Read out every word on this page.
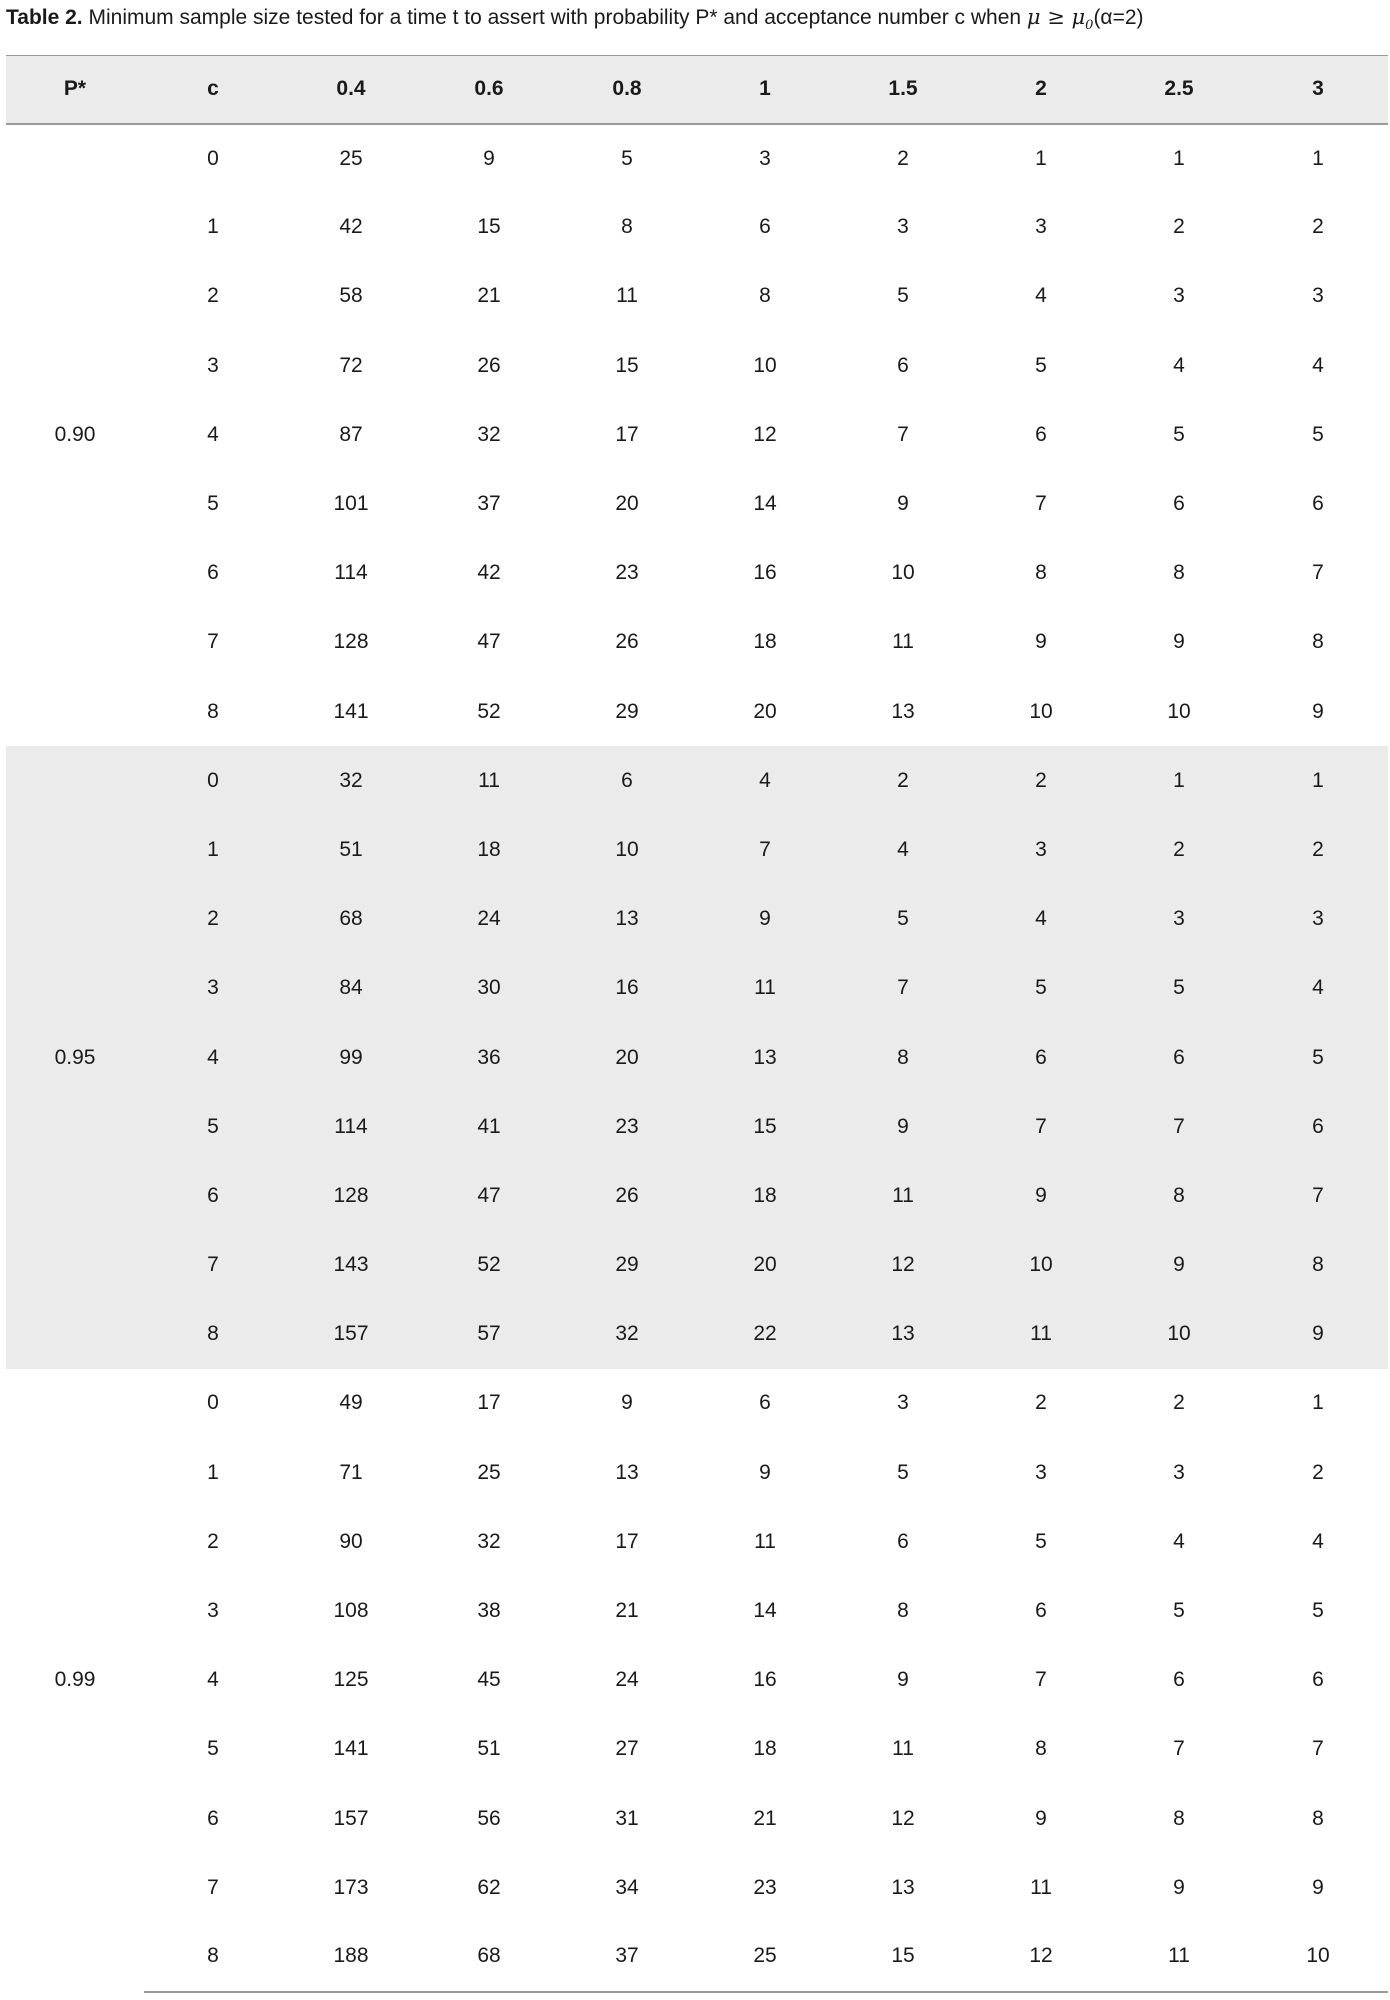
Table 2. Minimum sample size tested for a time t to assert with probability P* and acceptance number c when $\mu \ge \mu_0(\alpha=2)$
P*	c	0.4	0.6	0.8	1	1.5	2	2.5	3
0.90	0	25	9	5	3	2	1	1	1
	1	42	15	8	6	3	3	2	2
	2	58	21	11	8	5	4	3	3
	3	72	26	15	10	6	5	4	4
	4	87	32	17	12	7	6	5	5
	5	101	37	20	14	9	7	6	6
	6	114	42	23	16	10	8	8	7
	7	128	47	26	18	11	9	9	8
	8	141	52	29	20	13	10	10	9
0.95	0	32	11	6	4	2	2	1	1
	1	51	18	10	7	4	3	2	2
	2	68	24	13	9	5	4	3	3
	3	84	30	16	11	7	5	5	4
	4	99	36	20	13	8	6	6	5
	5	114	41	23	15	9	7	7	6
	6	128	47	26	18	11	9	8	7
	7	143	52	29	20	12	10	9	8
	8	157	57	32	22	13	11	10	9
0.99	0	49	17	9	6	3	2	2	1
	1	71	25	13	9	5	3	3	2
	2	90	32	17	11	6	5	4	4
	3	108	38	21	14	8	6	5	5
	4	125	45	24	16	9	7	6	6
	5	141	51	27	18	11	8	7	7
	6	157	56	31	21	12	9	8	8
	7	173	62	34	23	13	11	9	9
	8	188	68	37	25	15	12	11	10
